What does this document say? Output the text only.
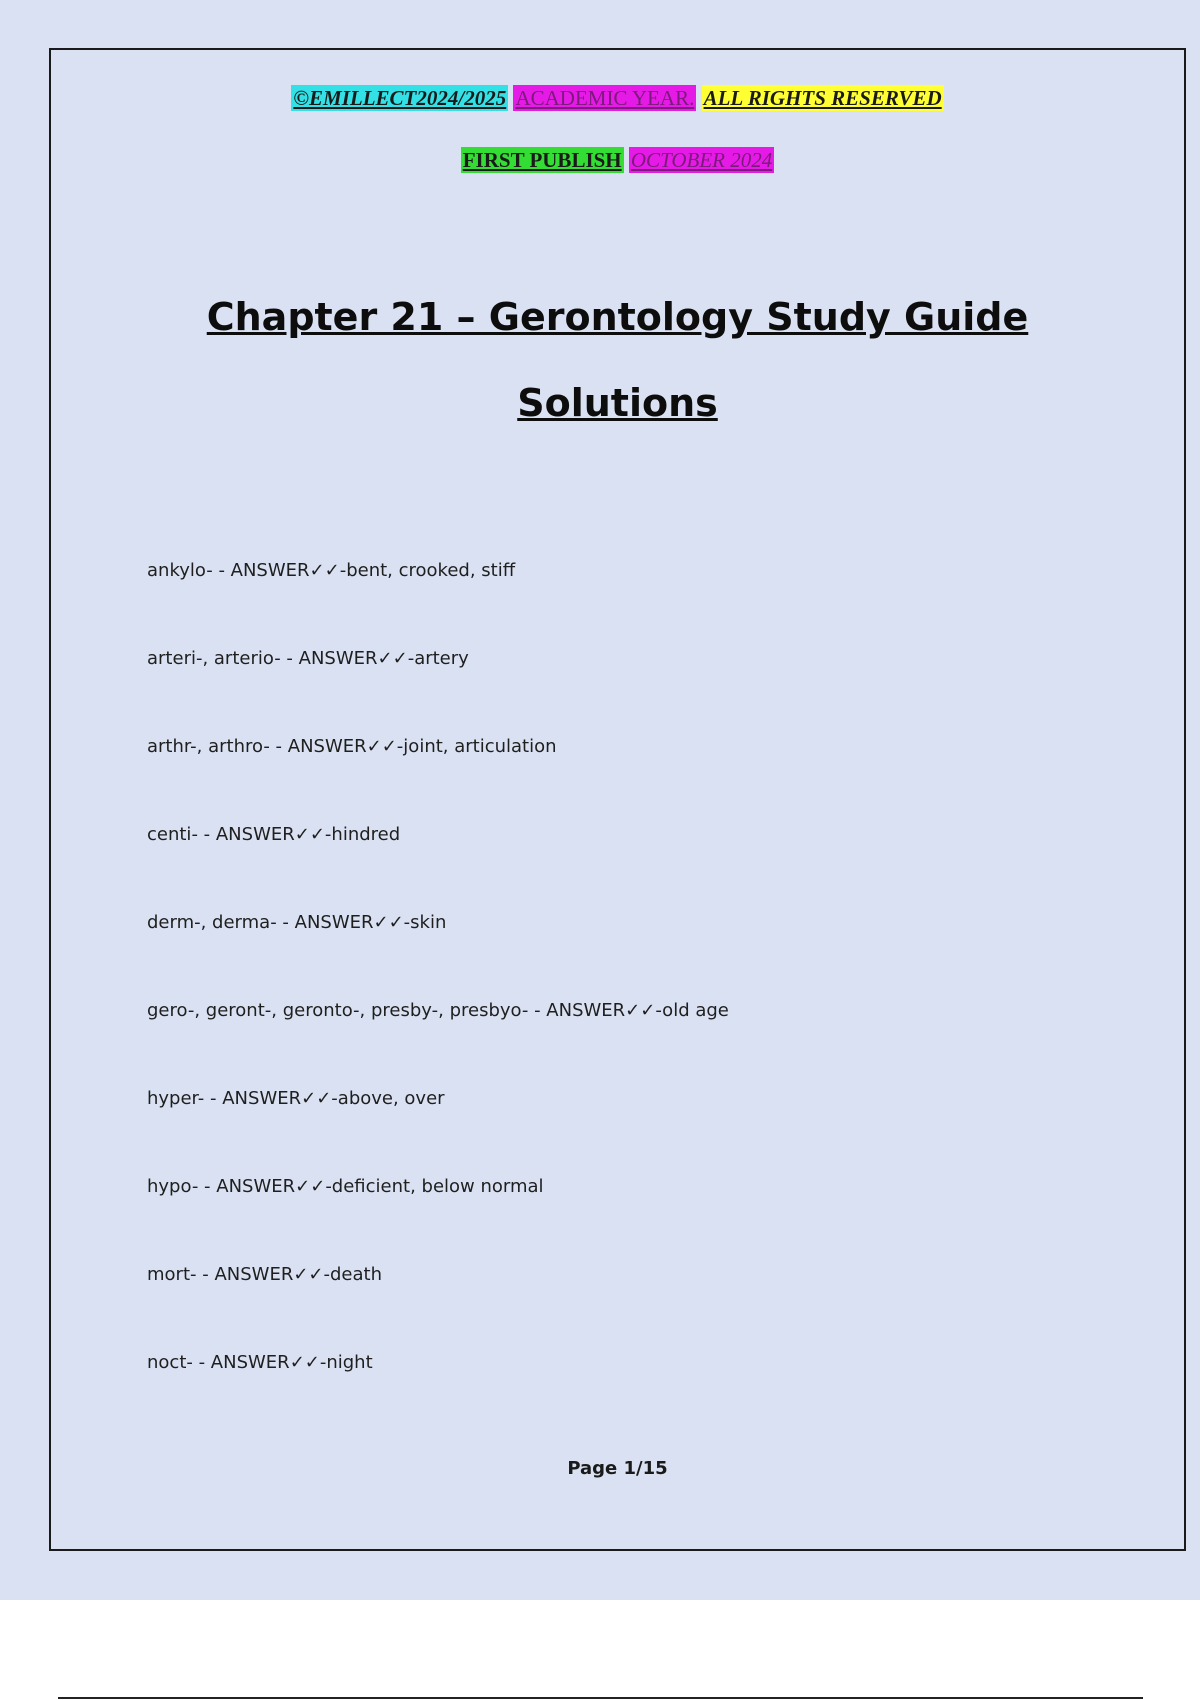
©EMILLECT2024/2025 ACADEMIC YEAR. ALL RIGHTS RESERVED
FIRST PUBLISH OCTOBER 2024
Chapter 21 – Gerontology Study Guide
Solutions
ankylo- - ANSWER✓✓-bent, crooked, stiff
arteri-, arterio- - ANSWER✓✓-artery
arthr-, arthro- - ANSWER✓✓-joint, articulation
centi- - ANSWER✓✓-hindred
derm-, derma- - ANSWER✓✓-skin
gero-, geront-, geronto-, presby-, presbyo- - ANSWER✓✓-old age
hyper- - ANSWER✓✓-above, over
hypo- - ANSWER✓✓-deficient, below normal
mort- - ANSWER✓✓-death
noct- - ANSWER✓✓-night
Page 1/15
